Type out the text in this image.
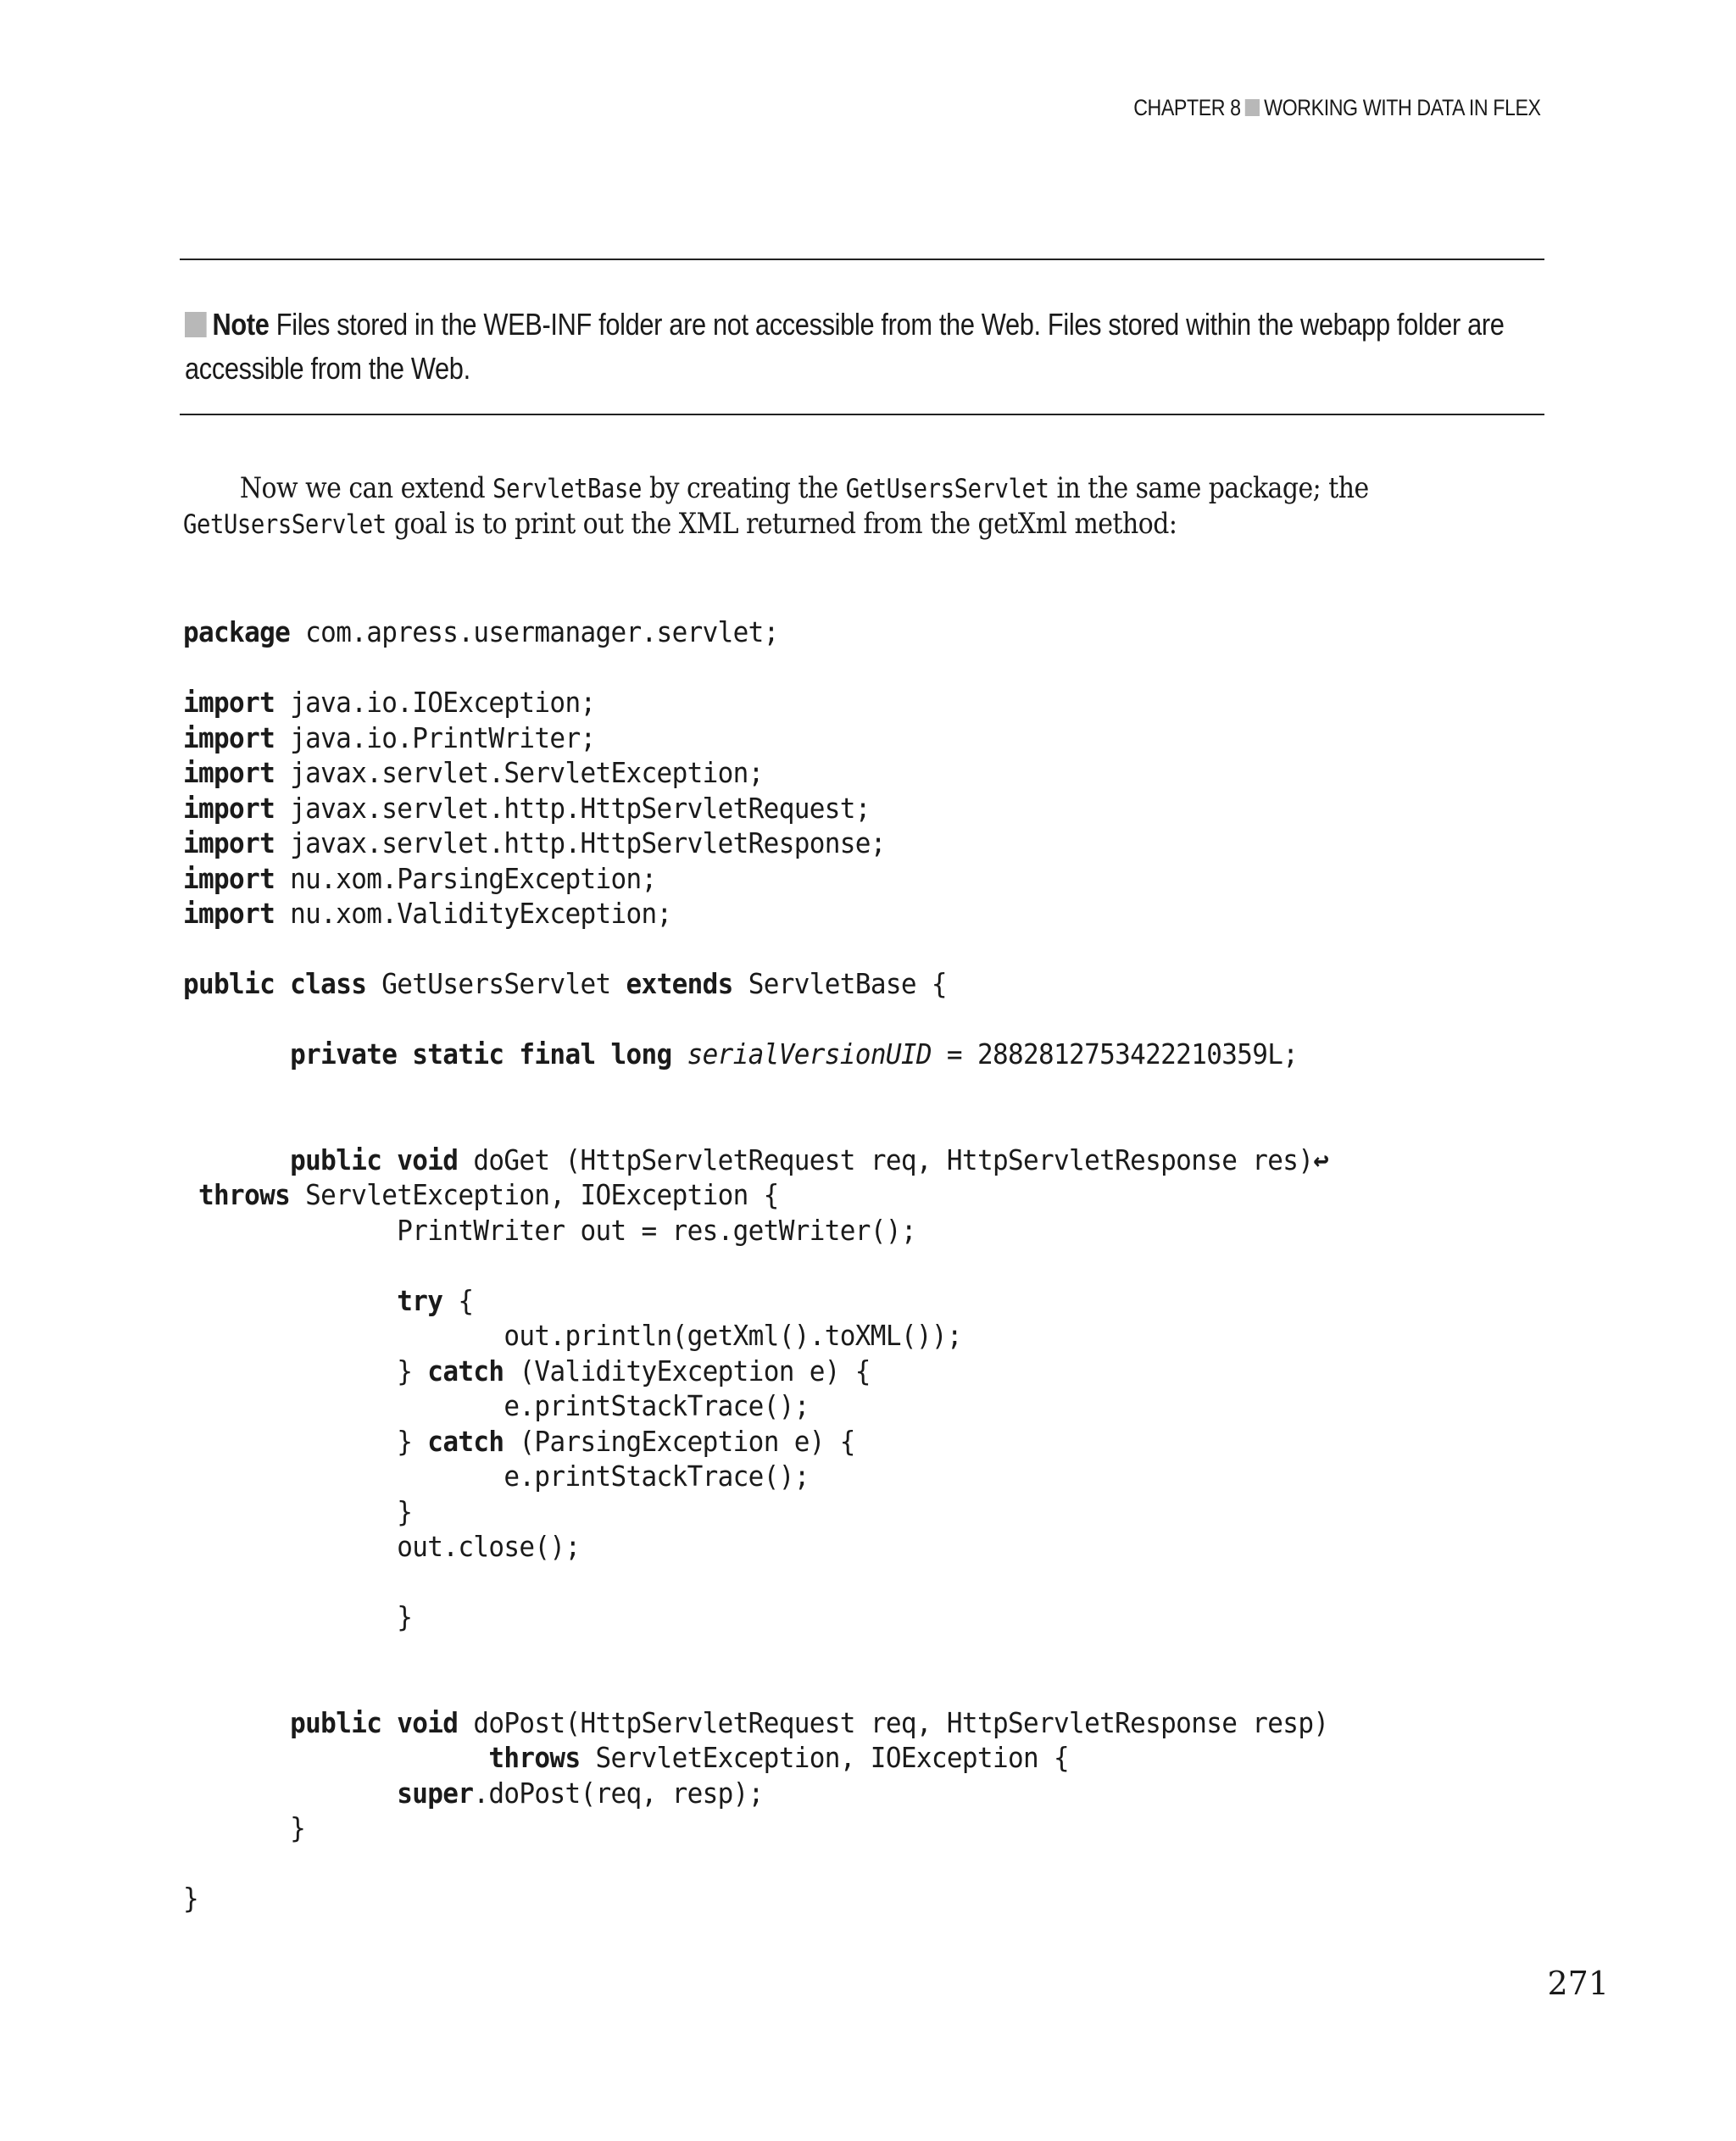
CHAPTER 8 WORKING WITH DATA IN FLEX
Note Files stored in the WEB-INF folder are not accessible from the Web. Files stored within the webapp folder are accessible from the Web.
Now we can extend ServletBase by creating the GetUsersServlet in the same package; the
GetUsersServlet goal is to print out the XML returned from the getXml method:
package com.apress.usermanager.servlet;

import java.io.IOException;
import java.io.PrintWriter;
import javax.servlet.ServletException;
import javax.servlet.http.HttpServletRequest;
import javax.servlet.http.HttpServletResponse;
import nu.xom.ParsingException;
import nu.xom.ValidityException;

public class GetUsersServlet extends ServletBase {

private static final long serialVersionUID = 2882812753422210359L;

public void doGet (HttpServletRequest req, HttpServletResponse res)↩
throws ServletException, IOException {
PrintWriter out = res.getWriter();

try {
out.println(getXml().toXML());
} catch (ValidityException e) {
e.printStackTrace();
} catch (ParsingException e) {
e.printStackTrace();
}
out.close();

}

public void doPost(HttpServletRequest req, HttpServletResponse resp)
throws ServletException, IOException {
super.doPost(req, resp);
}

}
271
